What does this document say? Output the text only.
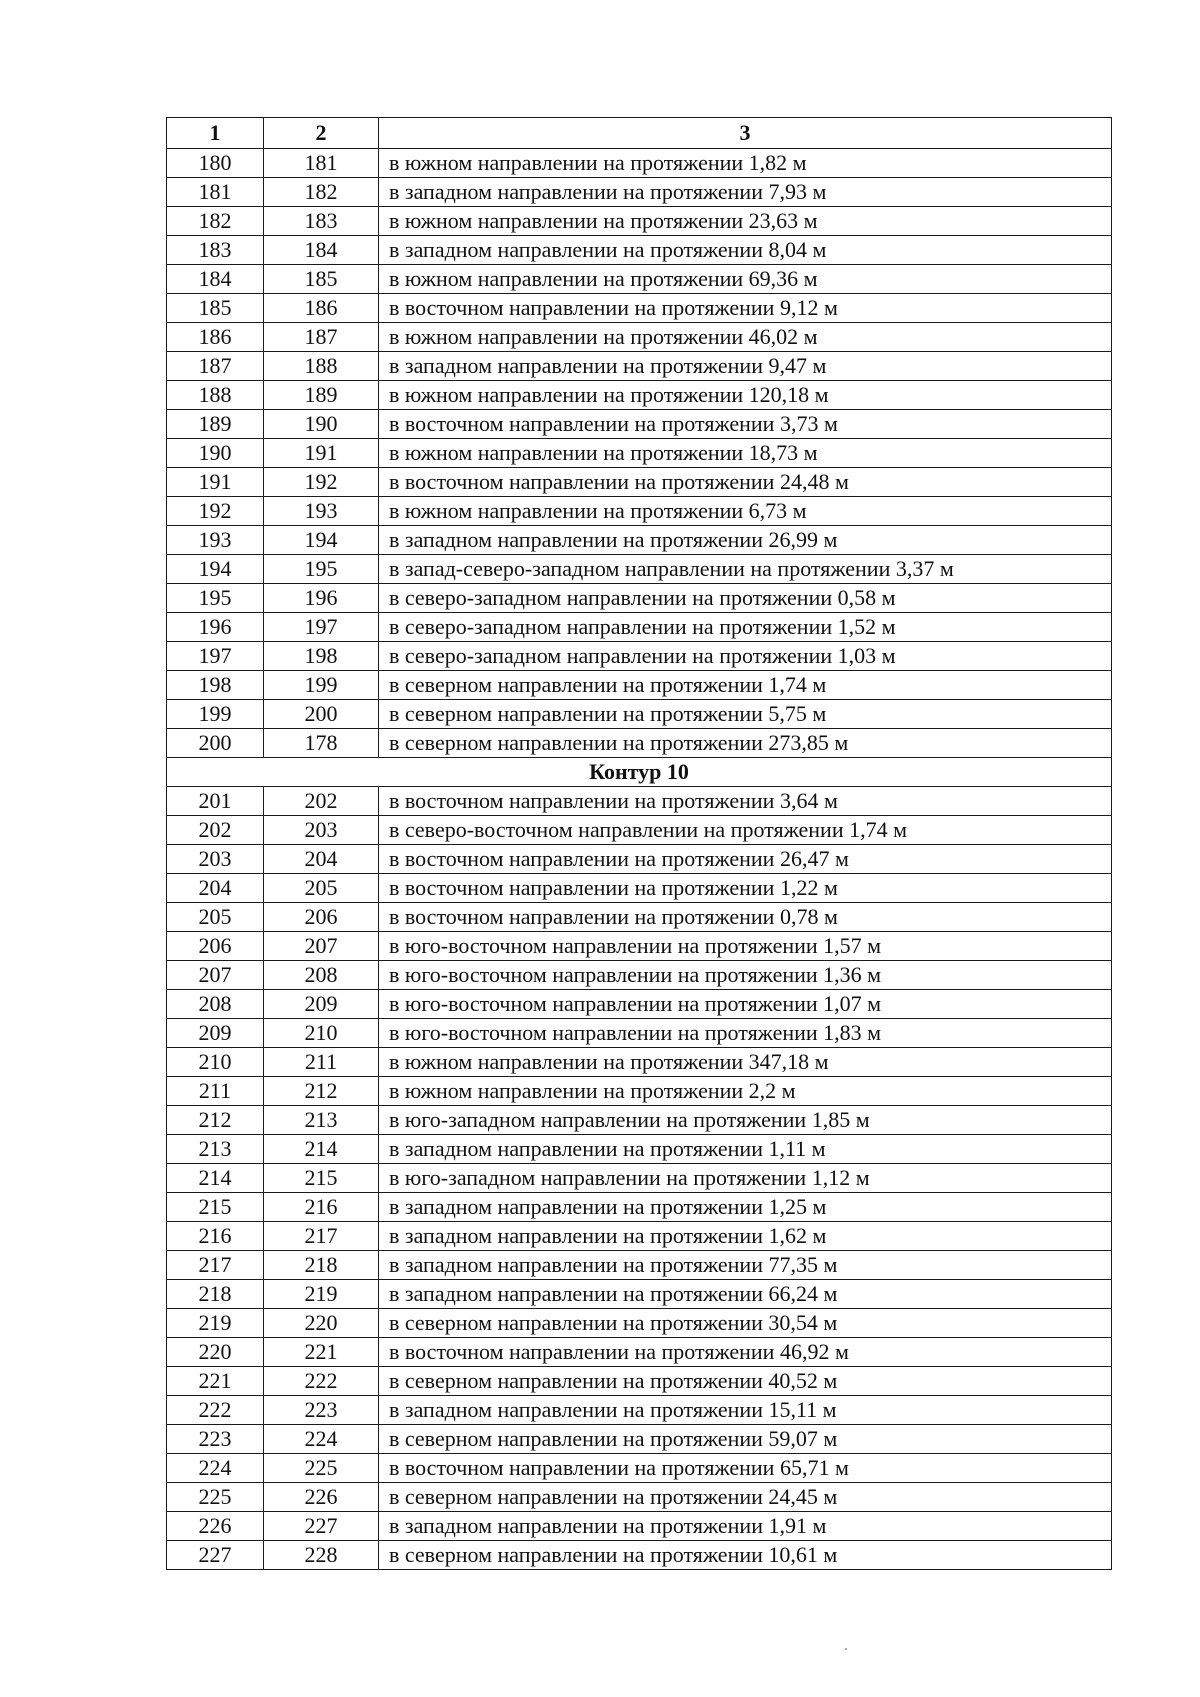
1	2	3
180	181	в южном направлении на протяжении 1,82 м
181	182	в западном направлении на протяжении 7,93 м
182	183	в южном направлении на протяжении 23,63 м
183	184	в западном направлении на протяжении 8,04 м
184	185	в южном направлении на протяжении 69,36 м
185	186	в восточном направлении на протяжении 9,12 м
186	187	в южном направлении на протяжении 46,02 м
187	188	в западном направлении на протяжении 9,47 м
188	189	в южном направлении на протяжении 120,18 м
189	190	в восточном направлении на протяжении 3,73 м
190	191	в южном направлении на протяжении 18,73 м
191	192	в восточном направлении на протяжении 24,48 м
192	193	в южном направлении на протяжении 6,73 м
193	194	в западном направлении на протяжении 26,99 м
194	195	в запад-северо-западном направлении на протяжении 3,37 м
195	196	в северо-западном направлении на протяжении 0,58 м
196	197	в северо-западном направлении на протяжении 1,52 м
197	198	в северо-западном направлении на протяжении 1,03 м
198	199	в северном направлении на протяжении 1,74 м
199	200	в северном направлении на протяжении 5,75 м
200	178	в северном направлении на протяжении 273,85 м
Контур 10		
201	202	в восточном направлении на протяжении 3,64 м
202	203	в северо-восточном направлении на протяжении 1,74 м
203	204	в восточном направлении на протяжении 26,47 м
204	205	в восточном направлении на протяжении 1,22 м
205	206	в восточном направлении на протяжении 0,78 м
206	207	в юго-восточном направлении на протяжении 1,57 м
207	208	в юго-восточном направлении на протяжении 1,36 м
208	209	в юго-восточном направлении на протяжении 1,07 м
209	210	в юго-восточном направлении на протяжении 1,83 м
210	211	в южном направлении на протяжении 347,18 м
211	212	в южном направлении на протяжении 2,2 м
212	213	в юго-западном направлении на протяжении 1,85 м
213	214	в западном направлении на протяжении 1,11 м
214	215	в юго-западном направлении на протяжении 1,12 м
215	216	в западном направлении на протяжении 1,25 м
216	217	в западном направлении на протяжении 1,62 м
217	218	в западном направлении на протяжении 77,35 м
218	219	в западном направлении на протяжении 66,24 м
219	220	в северном направлении на протяжении 30,54 м
220	221	в восточном направлении на протяжении 46,92 м
221	222	в северном направлении на протяжении 40,52 м
222	223	в западном направлении на протяжении 15,11 м
223	224	в северном направлении на протяжении 59,07 м
224	225	в восточном направлении на протяжении 65,71 м
225	226	в северном направлении на протяжении 24,45 м
226	227	в западном направлении на протяжении 1,91 м
227	228	в северном направлении на протяжении 10,61 м
